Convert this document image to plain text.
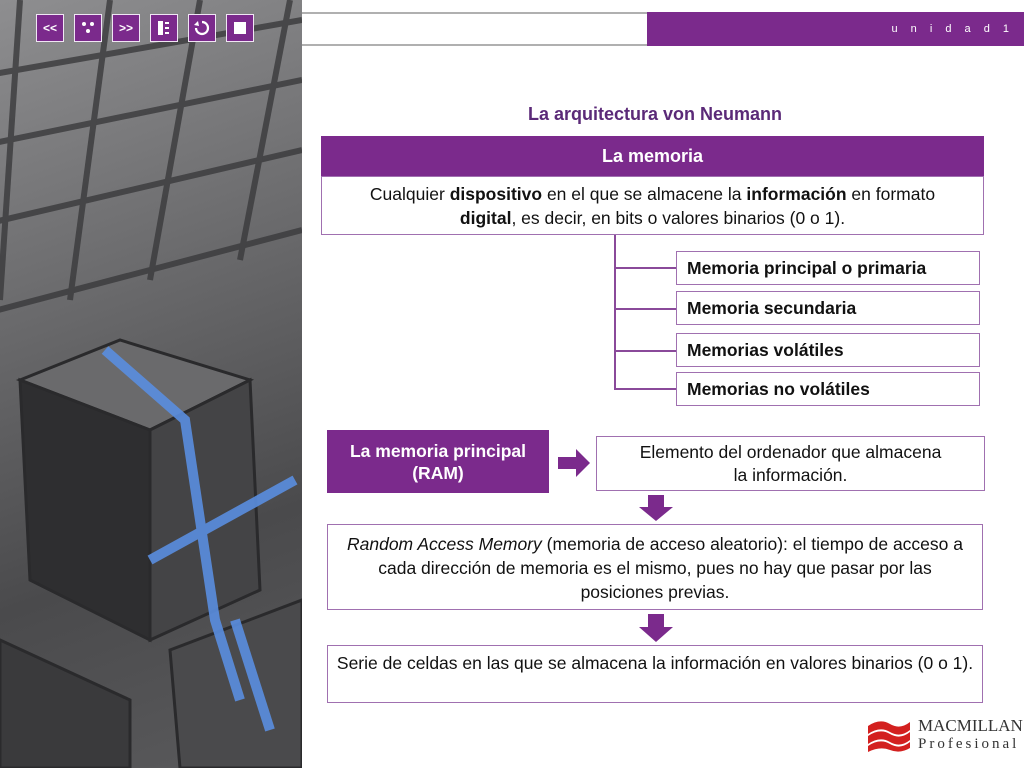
<<	>>	u n i d a d 1
La arquitectura von Neumann
La memoria
Cualquier dispositivo en el que se almacene la información en formato
digital, es decir, en bits o valores binarios (0 o 1).
Memoria principal o primaria
Memoria secundaria
Memorias volátiles
Memorias no volátiles
La memoria principal
(RAM)
Elemento del ordenador que almacena
la información.
Random Access Memory (memoria de acceso aleatorio): el tiempo de acceso a cada dirección de memoria es el mismo, pues no hay que pasar por las posiciones previas.
Serie de celdas en las que se almacena la información en valores binarios (0 o 1).
MACMILLAN
Profesional
